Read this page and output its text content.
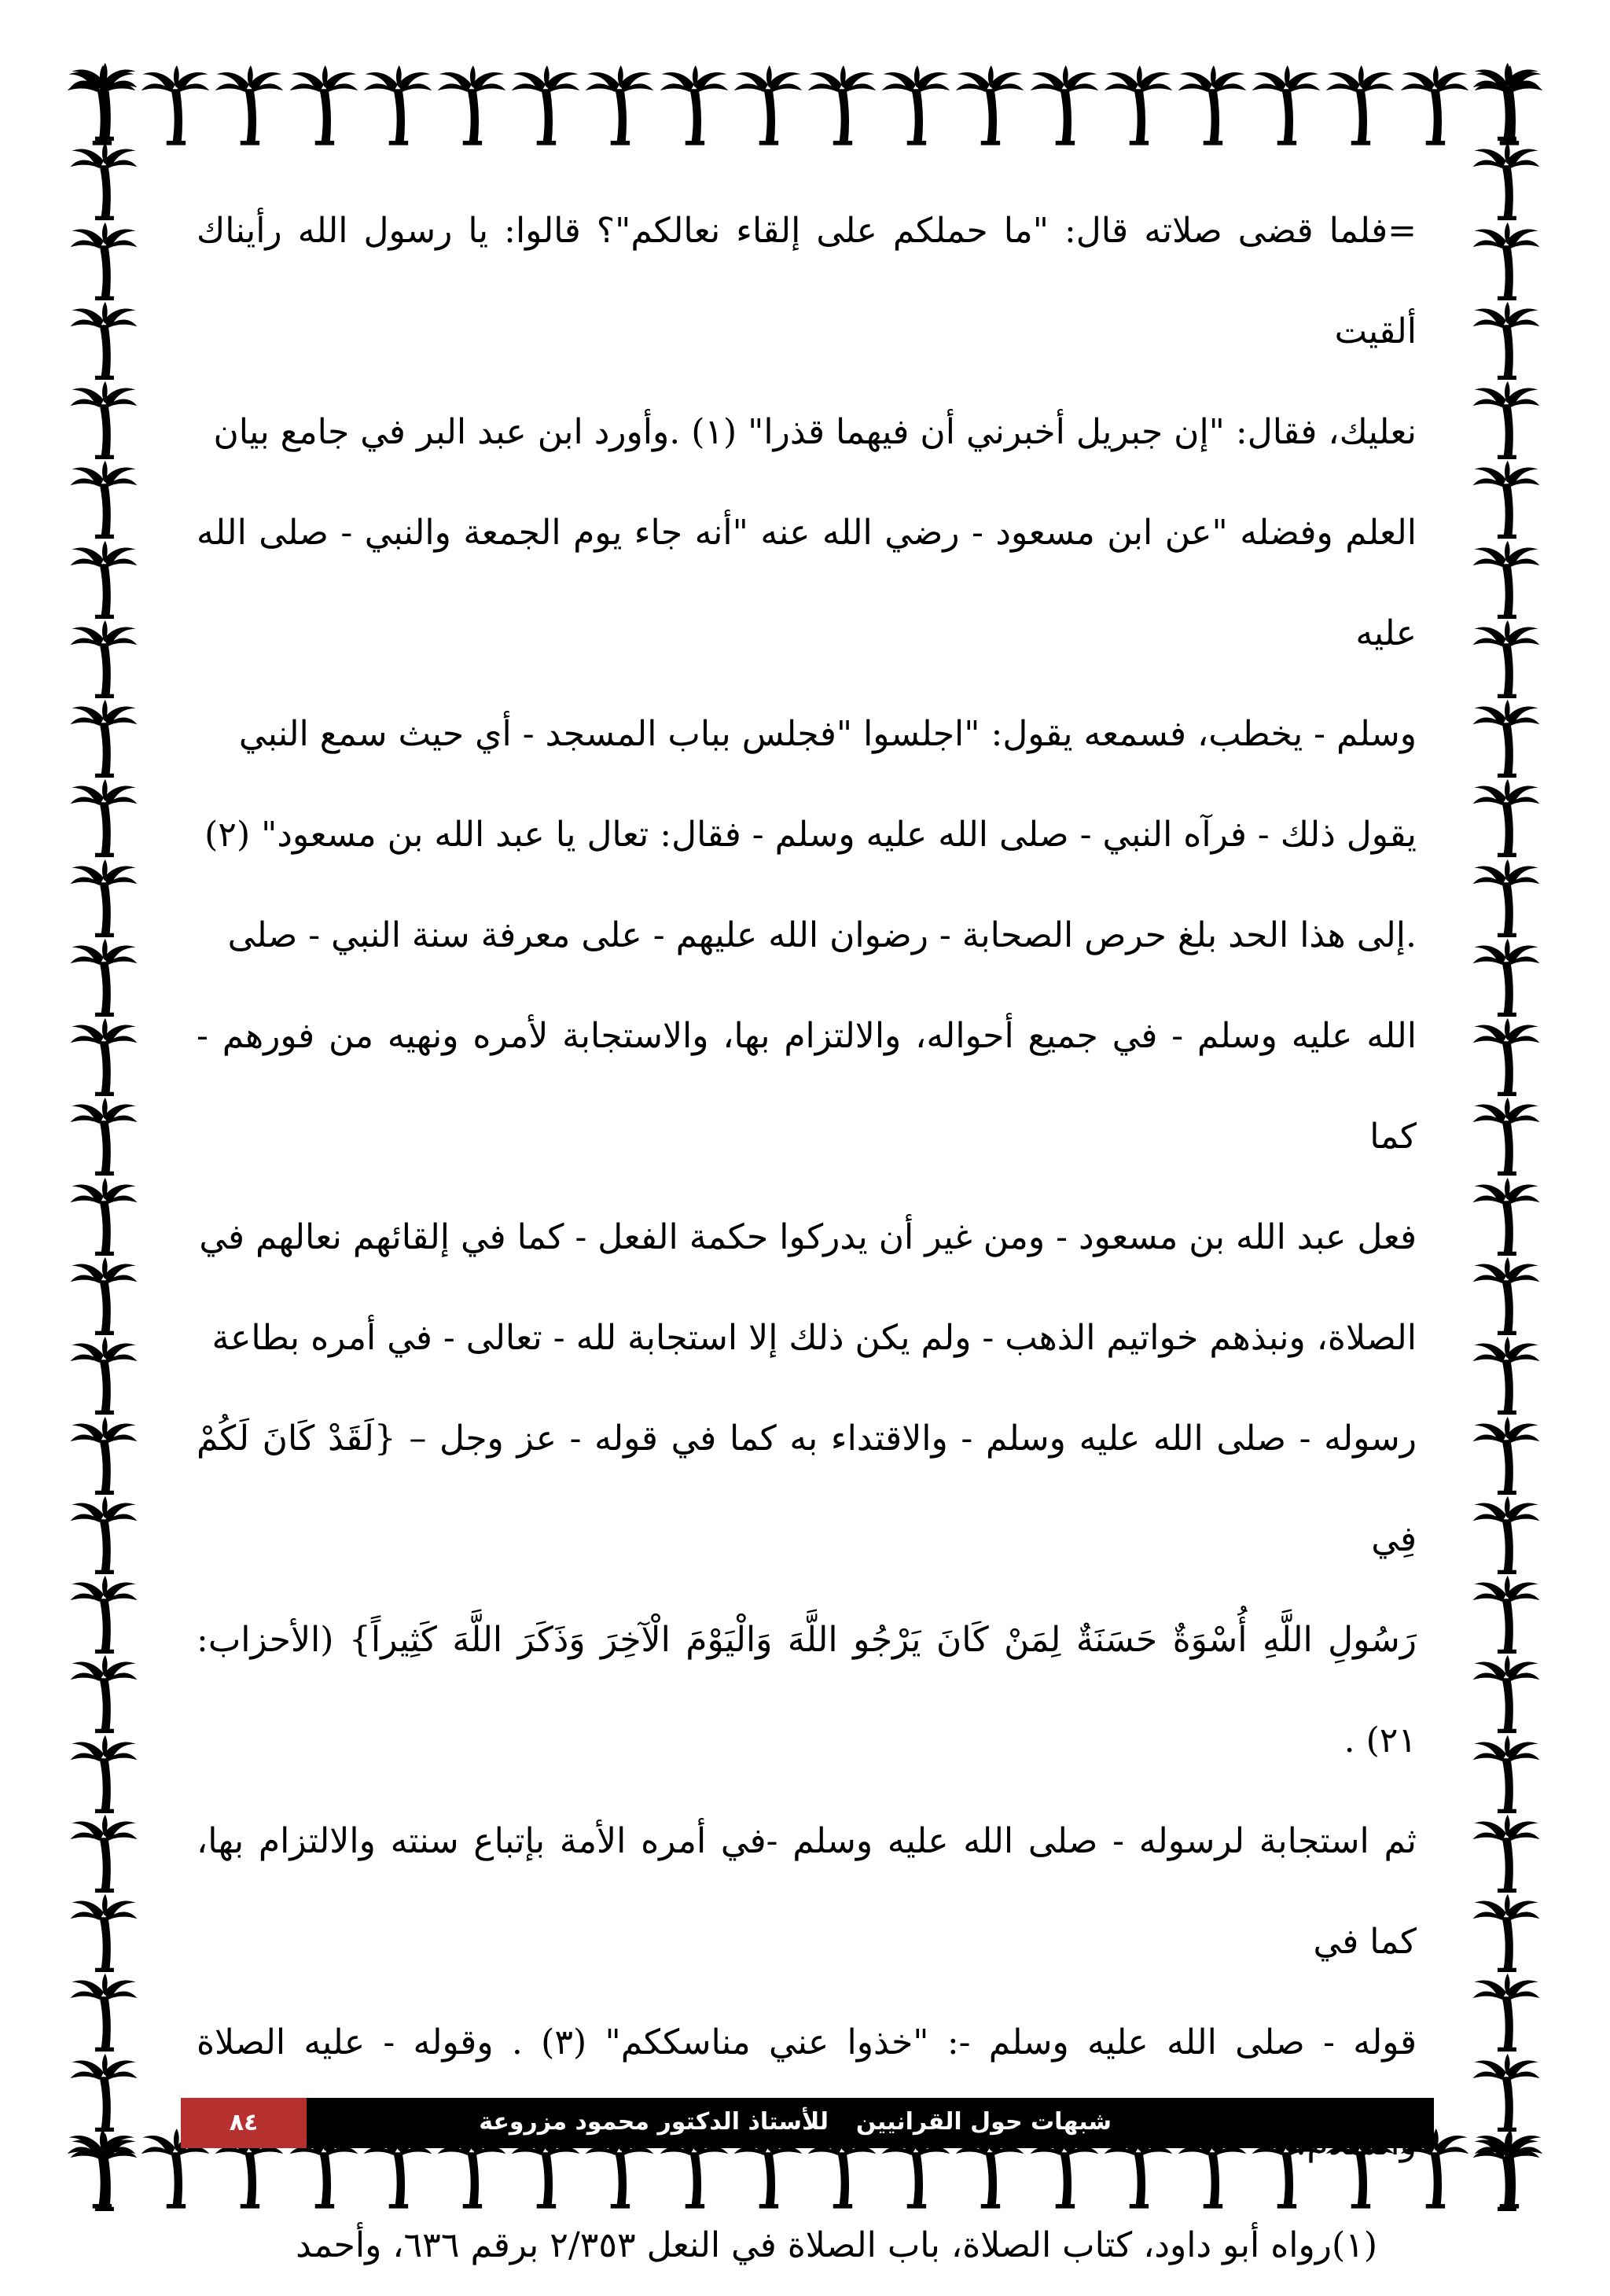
=فلما قضى صلاته قال: "ما حملكم على إلقاء نعالكم"؟ قالوا: يا رسول الله رأيناك ألقيت

نعليك، فقال: "إن جبريل أخبرني أن فيهما قذرا" (١) .وأورد ابن عبد البر في جامع بيان

العلم وفضله "عن ابن مسعود - رضي الله عنه "أنه جاء يوم الجمعة والنبي - صلى الله عليه

وسلم - يخطب، فسمعه يقول: "اجلسوا "فجلس بباب المسجد - أي حيث سمع النبي

يقول ذلك - فرآه النبي - صلى الله عليه وسلم - فقال: تعال يا عبد الله بن مسعود" (٢)

.إلى هذا الحد بلغ حرص الصحابة - رضوان الله عليهم - على معرفة سنة النبي - صلى

الله عليه وسلم - في جميع أحواله، والالتزام بها، والاستجابة لأمره ونهيه من فورهم - كما

فعل عبد الله بن مسعود - ومن غير أن يدركوا حكمة الفعل - كما في إلقائهم نعالهم في

الصلاة، ونبذهم خواتيم الذهب - ولم يكن ذلك إلا استجابة لله - تعالى - في أمره بطاعة

رسوله - صلى الله عليه وسلم - والاقتداء به كما في قوله - عز وجل – {لَقَدْ كَانَ لَكُمْ فِي

رَسُولِ اللَّهِ أُسْوَةٌ حَسَنَةٌ لِمَنْ كَانَ يَرْجُو اللَّهَ وَالْيَوْمَ الْآخِرَ وَذَكَرَ اللَّهَ كَثِيراً} (الأحزاب: ٢١) .

ثم استجابة لرسوله - صلى الله عليه وسلم -في أمره الأمة بإتباع سنته والالتزام بها، كما في

قوله - صلى الله عليه وسلم -: "خذوا عني مناسككم" (٣) . وقوله - عليه الصلاة

(١)رواه أبو داود، كتاب الصلاة، باب الصلاة في النعل ٢/٣٥٣ برقم ٦٣٦، وأحمد

شبهات حول القرانيين
للأستاذ الدكتور محمود مزروعة
٨٤
